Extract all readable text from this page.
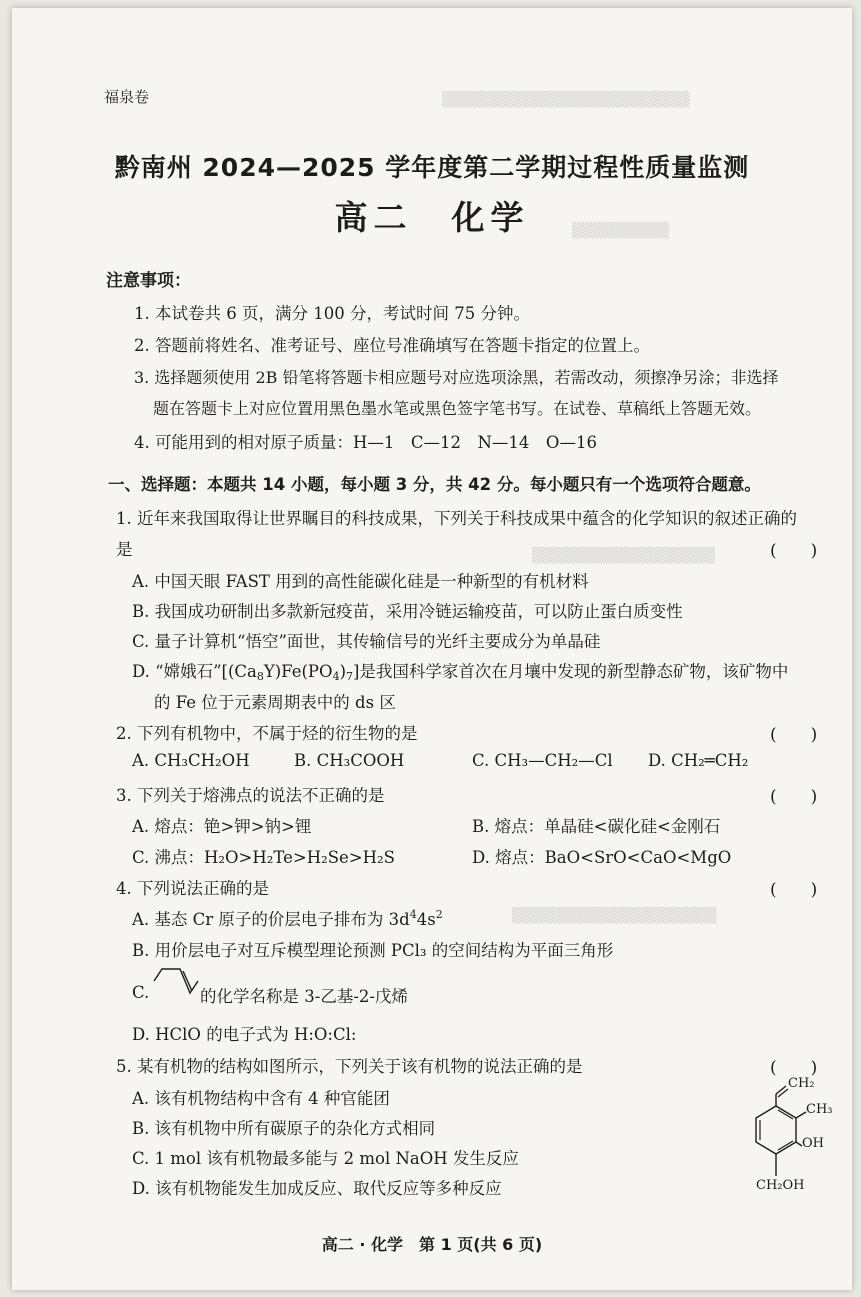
▒▒▒▒▒▒▒▒▒▒▒▒▒▒▒▒▒▒▒▒▒▒▒
▒▒▒▒▒▒▒▒▒
▒▒▒▒▒▒▒▒▒▒▒▒▒▒▒▒▒
▒▒▒▒▒▒▒▒▒▒▒▒▒▒▒▒▒▒▒
福泉卷
黔南州 2024—2025 学年度第二学期过程性质量监测
高二　化学
注意事项：
1. 本试卷共 6 页，满分 100 分，考试时间 75 分钟。
2. 答题前将姓名、准考证号、座位号准确填写在答题卡指定的位置上。
3. 选择题须使用 2B 铅笔将答题卡相应题号对应选项涂黑，若需改动，须擦净另涂；非选择
题在答题卡上对应位置用黑色墨水笔或黑色签字笔书写。在试卷、草稿纸上答题无效。
4. 可能用到的相对原子质量：H—1　C—12　N—14　O—16
一、选择题：本题共 14 小题，每小题 3 分，共 42 分。每小题只有一个选项符合题意。
1. 近年来我国取得让世界瞩目的科技成果，下列关于科技成果中蕴含的化学知识的叙述正确的
是	(　　)
A. 中国天眼 FAST 用到的高性能碳化硅是一种新型的有机材料
B. 我国成功研制出多款新冠疫苗，采用冷链运输疫苗，可以防止蛋白质变性
C. 量子计算机“悟空”面世，其传输信号的光纤主要成分为单晶硅
D. “嫦娥石$”[(Ca_8Y)Fe(PO_4)_7]$是我国科学家首次在月壤中发现的新型静态矿物，该矿物中
的 Fe 位于元素周期表中的 ds 区
2. 下列有机物中，不属于烃的衍生物的是	(　　)
A. CH₃CH₂OH	B. CH₃COOH	C. CH₃—CH₂—Cl D. CH₂═CH₂
3. 下列关于熔沸点的说法不正确的是	(　　)
A. 熔点：铯>钾>钠>锂	B. 熔点：单晶硅<碳化硅<金刚石
C. 沸点：H₂O>H₂Te>H₂Se>H₂S	D. 熔点：BaO<SrO<CaO<MgO
4. 下列说法正确的是	(　　)
A. 基态 Cr 原子的价层电子排布为 $3d^44s^2$
B. 用价层电子对互斥模型理论预测 PCl₃ 的空间结构为平面三角形
C.	的化学名称是 3-乙基-2-戊烯
D. HClO 的电子式为 H:O:Cl:
5. 某有机物的结构如图所示，下列关于该有机物的说法正确的是	(　　)
A. 该有机物结构中含有 4 种官能团
B. 该有机物中所有碳原子的杂化方式相同
C. 1 mol 该有机物最多能与 2 mol NaOH 发生反应
D. 该有机物能发生加成反应、取代反应等多种反应
CH₂
CH₃
OH
CH₂OH
高二 · 化学　第 1 页(共 6 页)
